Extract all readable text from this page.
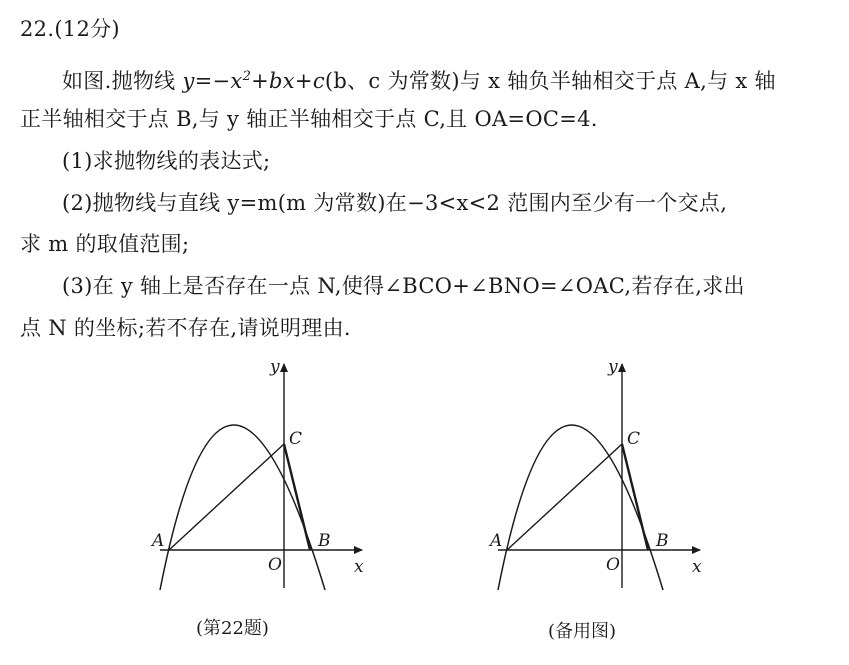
22.(12分)
如图.抛物线 $y=-x^2+bx+c(b$、c 为常数)与 x 轴负半轴相交于点 A,与 x 轴
正半轴相交于点 B,与 y 轴正半轴相交于点 C,且 OA=OC=4.
(1)求抛物线的表达式;
(2)抛物线与直线 y=m(m 为常数)在−3<x<2 范围内至少有一个交点,
求 m 的取值范围;
(3)在 y 轴上是否存在一点 N,使得∠BCO+∠BNO=∠OAC,若存在,求出
点 N 的坐标;若不存在,请说明理由.
y
x
O
A	B
C
(第22题)
y
x
O
A	B
C
(备用图)
